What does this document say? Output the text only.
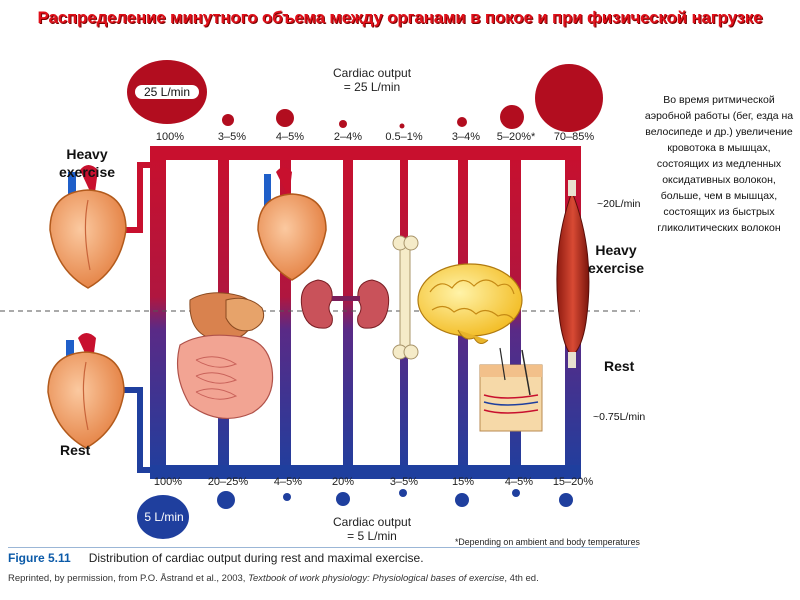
Распределение минутного объема между органами в покое и при физической нагрузке
Heavy exercise
Rest
Heavy exercise
Rest
Cardiac output
= 25 L/min
Cardiac output
= 5 L/min
25 L/min
5 L/min
~20L/min
~0.75L/min
100%	3–5%	4–5%	2–4% 0.5–1%	3–4% 5–20%* 70–85%
100% 20–25% 4–5%	20%	3–5%	15%	4–5% 15–20%
*Depending on ambient and body temperatures
Figure 5.11 Distribution of cardiac output during rest and maximal exercise.
Reprinted, by permission, from P.O. Åstrand et al., 2003, Textbook of work physiology: Physiological bases of exercise, 4th ed.
Во время ритмической аэробной работы (бег, езда на велосипеде и др.) увеличение кровотока в мышцах, состоящих из медленных оксидативных волокон, больше, чем в мышцах, состоящих из быстрых гликолитических волокон
